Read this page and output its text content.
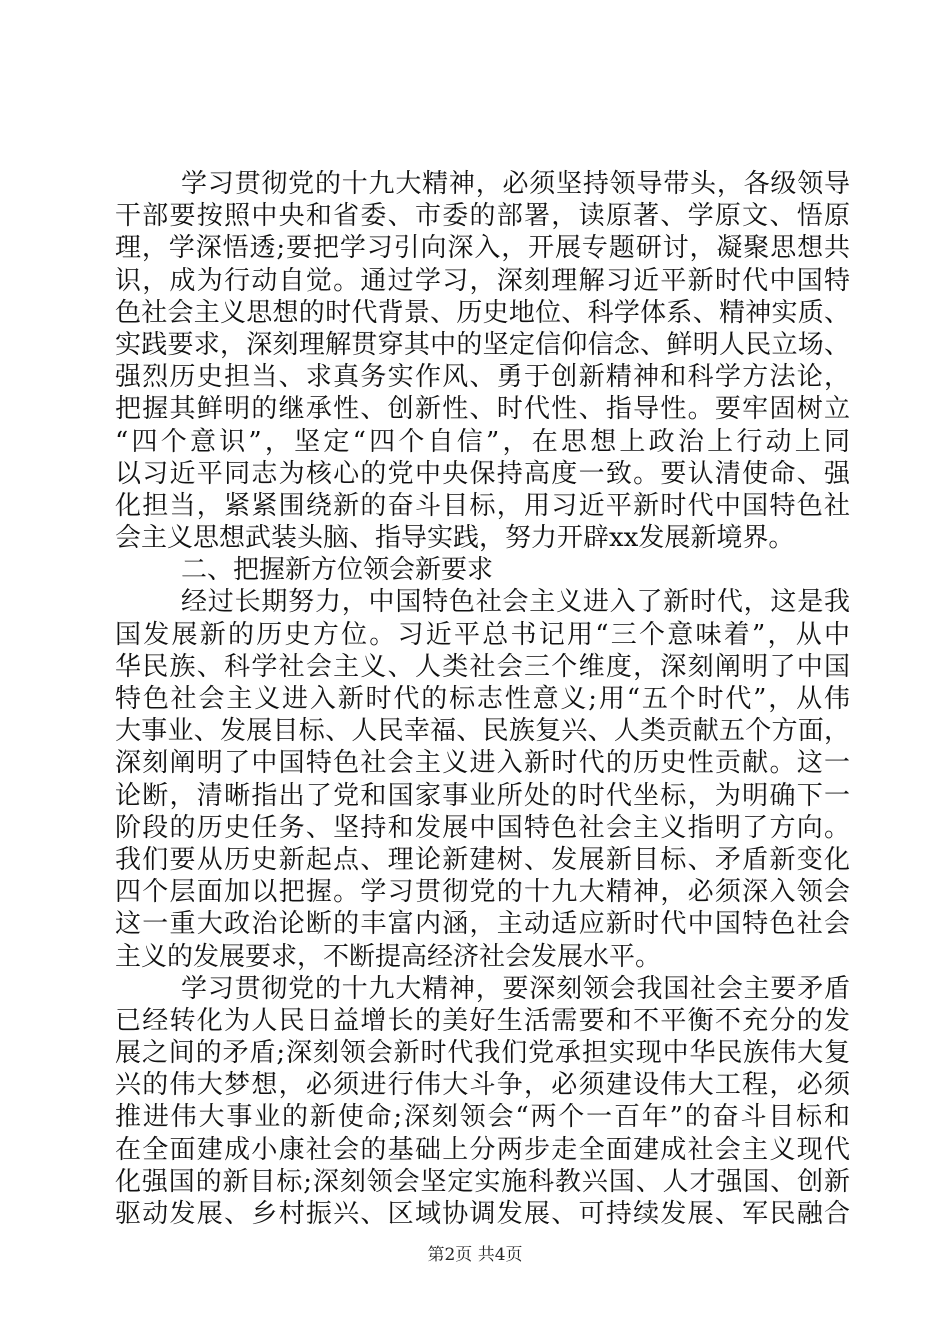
学习贯彻党的十九大精神，必须坚持领导带头，各级领导
干部要按照中央和省委、市委的部署，读原著、学原文、悟原
理，学深悟透;要把学习引向深入，开展专题研讨，凝聚思想共
识，成为行动自觉。通过学习，深刻理解习近平新时代中国特
色社会主义思想的时代背景、历史地位、科学体系、精神实质、
实践要求，深刻理解贯穿其中的坚定信仰信念、鲜明人民立场、
强烈历史担当、求真务实作风、勇于创新精神和科学方法论，
把握其鲜明的继承性、创新性、时代性、指导性。要牢固树立
“四个意识”，坚定“四个自信”，在思想上政治上行动上同
以习近平同志为核心的党中央保持高度一致。要认清使命、强
化担当，紧紧围绕新的奋斗目标，用习近平新时代中国特色社
会主义思想武装头脑、指导实践，努力开辟xx发展新境界。
二、把握新方位领会新要求
经过长期努力，中国特色社会主义进入了新时代，这是我
国发展新的历史方位。习近平总书记用“三个意味着”，从中
华民族、科学社会主义、人类社会三个维度，深刻阐明了中国
特色社会主义进入新时代的标志性意义;用“五个时代”，从伟
大事业、发展目标、人民幸福、民族复兴、人类贡献五个方面，
深刻阐明了中国特色社会主义进入新时代的历史性贡献。这一
论断，清晰指出了党和国家事业所处的时代坐标，为明确下一
阶段的历史任务、坚持和发展中国特色社会主义指明了方向。
我们要从历史新起点、理论新建树、发展新目标、矛盾新变化
四个层面加以把握。学习贯彻党的十九大精神，必须深入领会
这一重大政治论断的丰富内涵，主动适应新时代中国特色社会
主义的发展要求，不断提高经济社会发展水平。
学习贯彻党的十九大精神，要深刻领会我国社会主要矛盾
已经转化为人民日益增长的美好生活需要和不平衡不充分的发
展之间的矛盾;深刻领会新时代我们党承担实现中华民族伟大复
兴的伟大梦想，必须进行伟大斗争，必须建设伟大工程，必须
推进伟大事业的新使命;深刻领会“两个一百年”的奋斗目标和
在全面建成小康社会的基础上分两步走全面建成社会主义现代
化强国的新目标;深刻领会坚定实施科教兴国、人才强国、创新
驱动发展、乡村振兴、区域协调发展、可持续发展、军民融合
第2页 共4页
